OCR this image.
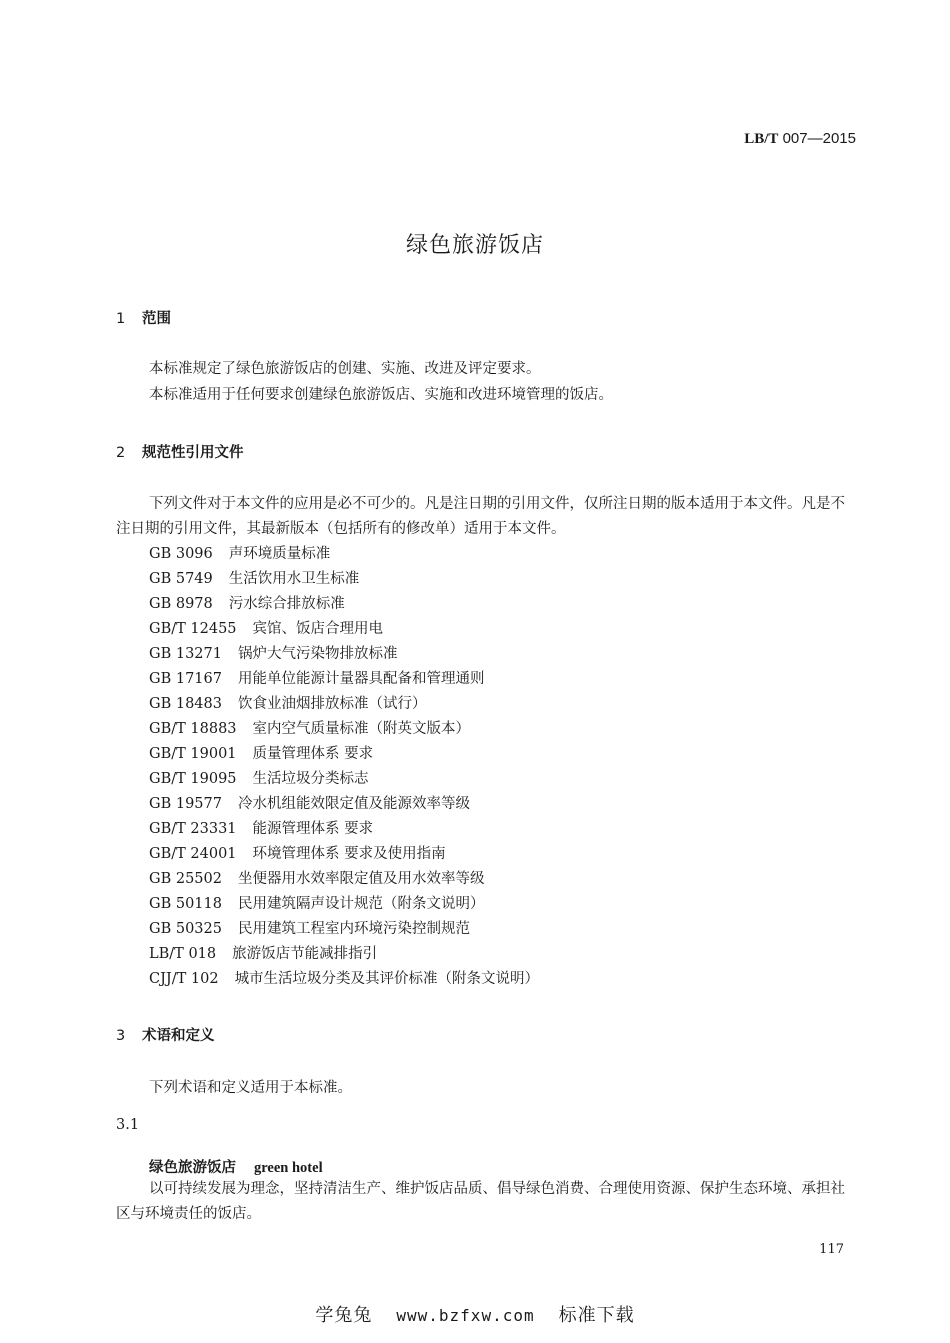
LB/T 007—2015
绿色旅游饭店
1 范围
本标准规定了绿色旅游饭店的创建、实施、改进及评定要求。
本标准适用于任何要求创建绿色旅游饭店、实施和改进环境管理的饭店。
2 规范性引用文件
下列文件对于本文件的应用是必不可少的。凡是注日期的引用文件，仅所注日期的版本适用于本文件。凡是不注日期的引用文件，其最新版本（包括所有的修改单）适用于本文件。
GB 3096 声环境质量标准
GB 5749 生活饮用水卫生标准
GB 8978 污水综合排放标准
GB/T 12455 宾馆、饭店合理用电
GB 13271 锅炉大气污染物排放标准
GB 17167 用能单位能源计量器具配备和管理通则
GB 18483 饮食业油烟排放标准（试行）
GB/T 18883 室内空气质量标准（附英文版本）
GB/T 19001 质量管理体系 要求
GB/T 19095 生活垃圾分类标志
GB 19577 冷水机组能效限定值及能源效率等级
GB/T 23331 能源管理体系 要求
GB/T 24001 环境管理体系 要求及使用指南
GB 25502 坐便器用水效率限定值及用水效率等级
GB 50118 民用建筑隔声设计规范（附条文说明）
GB 50325 民用建筑工程室内环境污染控制规范
LB/T 018 旅游饭店节能减排指引
CJJ/T 102 城市生活垃圾分类及其评价标准（附条文说明）
3 术语和定义
下列术语和定义适用于本标准。
3.1
绿色旅游饭店 green hotel
以可持续发展为理念，坚持清洁生产、维护饭店品质、倡导绿色消费、合理使用资源、保护生态环境、承担社区与环境责任的饭店。
117
学兔兔 www.bzfxw.com 标准下载
